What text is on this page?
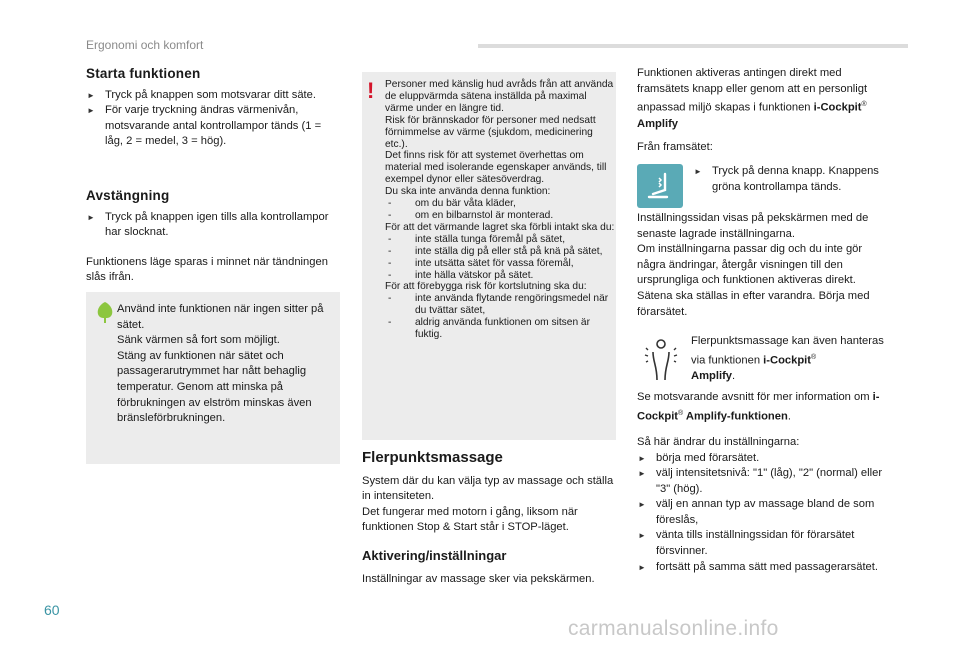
Ergonomi och komfort
Starta funktionen

► Tryck på knappen som motsvarar ditt säte.

► För varje tryckning ändras värmenivån, motsvarande antal kontrollampor tänds (1 = låg, 2 = medel, 3 = hög).

Avstängning

► Tryck på knappen igen tills alla kontrollampor har slocknat.

Funktionens läge sparas i minnet när tändningen slås ifrån.

Använd inte funktionen när ingen sitter på sätet.
Sänk värmen så fort som möjligt.
Stäng av funktionen när sätet och passagerarutrymmet har nått behaglig temperatur. Genom att minska på förbrukningen av elström minskas även bränsleförbrukningen.

! Personer med känslig hud avråds från att använda de eluppvärmda sätena inställda på maximal värme under en längre tid.

Risk för brännskador för personer med nedsatt förnimmelse av värme (sjukdom, medicinering etc.).

Det finns risk för att systemet överhettas om material med isolerande egenskaper används, till exempel dynor eller sätesöverdrag.

Du ska inte använda denna funktion:

- om du bär våta kläder,

- om en bilbarnstol är monterad.

För att det värmande lagret ska förbli intakt ska du:

- inte ställa tunga föremål på sätet,

- inte ställa dig på eller stå på knä på sätet,

- inte utsätta sätet för vassa föremål,

- inte hälla vätskor på sätet.

För att förebygga risk för kortslutning ska du:

- inte använda flytande rengöringsmedel när du tvättar sätet,

- aldrig använda funktionen om sitsen är fuktig.

Flerpunktsmassage

System där du kan välja typ av massage och ställa in intensiteten.

Det fungerar med motorn i gång, liksom när funktionen Stop & Start står i STOP-läget.

Aktivering/inställningar

Inställningar av massage sker via pekskärmen.

Funktionen aktiveras antingen direkt med framsätets knapp eller genom att en personligt anpassad miljö skapas i funktionen i-Cockpit®
Amplify

Från framsätet:

► Tryck på denna knapp. Knappens gröna kontrollampa tänds.

Inställningssidan visas på pekskärmen med de senaste lagrade inställningarna.

Om inställningarna passar dig och du inte gör några ändringar, återgår visningen till den ursprungliga och funktionen aktiveras direkt.

Sätena ska ställas in efter varandra. Börja med förarsätet.

Flerpunktsmassage kan även hanteras via funktionen i-Cockpit®
Amplify.

Se motsvarande avsnitt för mer information om i-Cockpit® Amplify-funktionen.

Så här ändrar du inställningarna:

► börja med förarsätet.

► välj intensitetsnivå: "1" (låg), "2" (normal) eller "3" (hög).

► välj en annan typ av massage bland de som föreslås,

► vänta tills inställningssidan för förarsätet försvinner.

► fortsätt på samma sätt med passagerarsätet.

60
carmanualsonline.info
